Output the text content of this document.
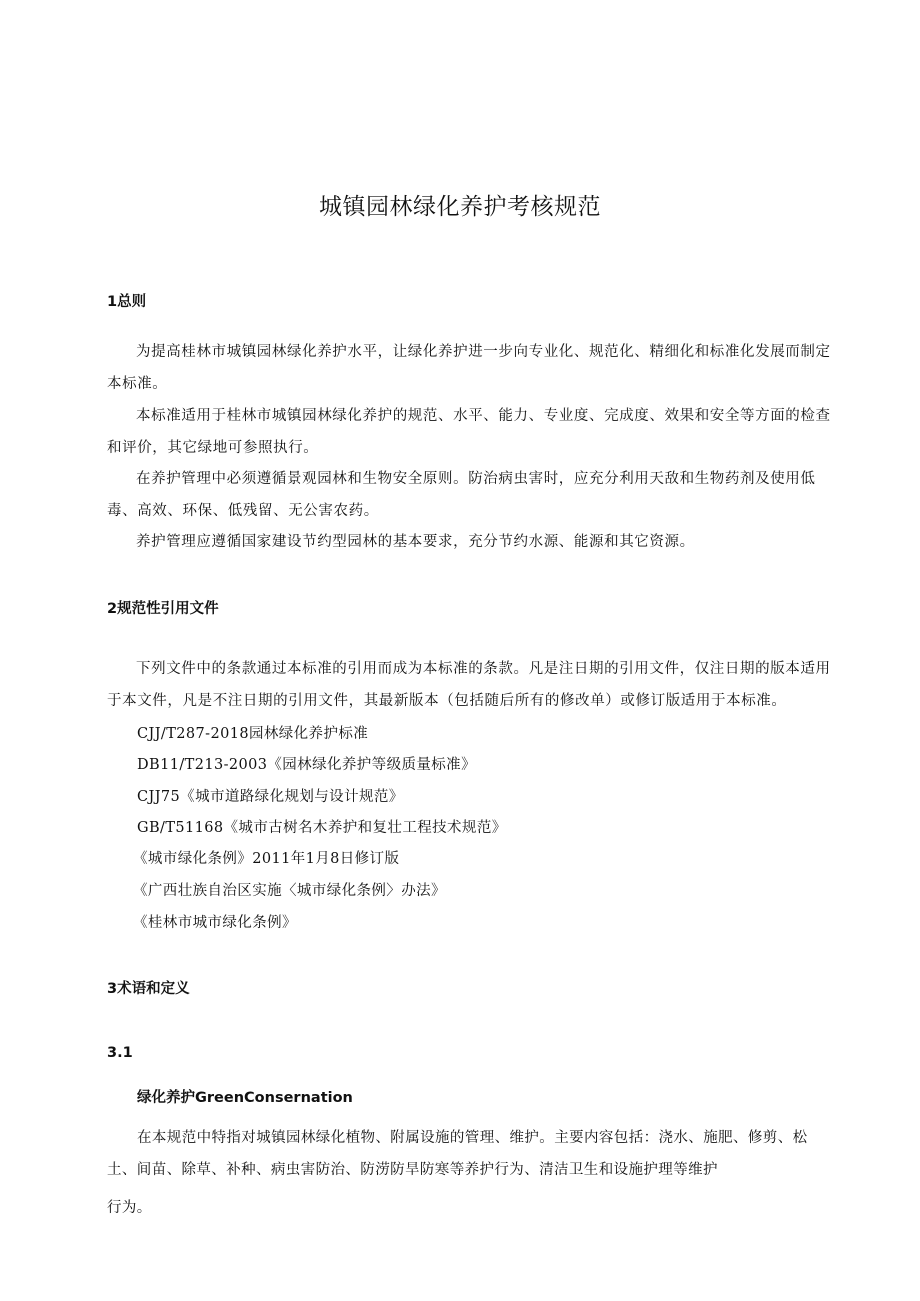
城镇园林绿化养护考核规范
1总则
为提高桂林市城镇园林绿化养护水平，让绿化养护进一步向专业化、规范化、精细化和标准化发展而制定本标准。
本标准适用于桂林市城镇园林绿化养护的规范、水平、能力、专业度、完成度、效果和安全等方面的检查和评价，其它绿地可参照执行。
在养护管理中必须遵循景观园林和生物安全原则。防治病虫害时，应充分利用天敌和生物药剂及使用低毒、高效、环保、低残留、无公害农药。
养护管理应遵循国家建设节约型园林的基本要求，充分节约水源、能源和其它资源。
2规范性引用文件
下列文件中的条款通过本标准的引用而成为本标准的条款。凡是注日期的引用文件，仅注日期的版本适用于本文件，凡是不注日期的引用文件，其最新版本（包括随后所有的修改单）或修订版适用于本标准。
CJJ/T287-2018园林绿化养护标准
DB11/T213-2003《园林绿化养护等级质量标准》
CJJ75《城市道路绿化规划与设计规范》
GB/T51168《城市古树名木养护和复壮工程技术规范》
《城市绿化条例》2011年1月8日修订版
《广西壮族自治区实施〈城市绿化条例〉办法》
《桂林市城市绿化条例》
3术语和定义
3.1
绿化养护GreenConsernation
在本规范中特指对城镇园林绿化植物、附属设施的管理、维护。主要内容包括：浇水、施肥、修剪、松
土、间苗、除草、补种、病虫害防治、防涝防旱防寒等养护行为、清洁卫生和设施护理等维护
行为。
